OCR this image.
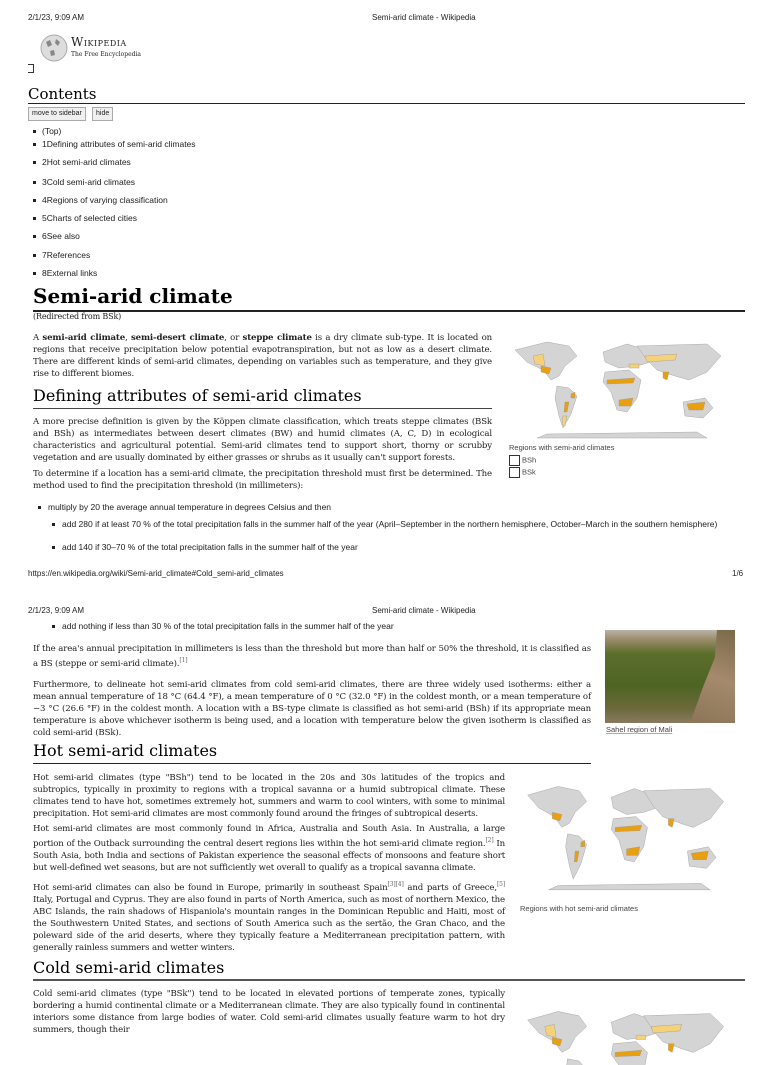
2/1/23, 9:09 AM	Semi-arid climate - Wikipedia
Wikipedia
The Free Encyclopedia
Contents
move to sidebar	hide
(Top)
1Defining attributes of semi-arid climates
2Hot semi-arid climates
3Cold semi-arid climates
4Regions of varying classification
5Charts of selected cities
6See also
7References
8External links
Semi-arid climate
(Redirected from BSk)
A semi-arid climate, semi-desert climate, or steppe climate is a dry climate sub-type. It is located on regions that receive precipitation below potential evapotranspiration, but not as low as a desert climate. There are different kinds of semi-arid climates, depending on variables such as temperature, and they give rise to different biomes.
Defining attributes of semi-arid climates
A more precise definition is given by the Köppen climate classification, which treats steppe climates (BSk and BSh) as intermediates between desert climates (BW) and humid climates (A, C, D) in ecological characteristics and agricultural potential. Semi-arid climates tend to support short, thorny or scrubby vegetation and are usually dominated by either grasses or shrubs as it usually can't support forests.
To determine if a location has a semi-arid climate, the precipitation threshold must first be determined. The method used to find the precipitation threshold (in millimeters):
multiply by 20 the average annual temperature in degrees Celsius and then
add 280 if at least 70 % of the total precipitation falls in the summer half of the year (April–September in the northern hemisphere, October–March in the southern hemisphere)
add 140 if 30–70 % of the total precipitation falls in the summer half of the year
Regions with semi-arid climates
BSh
BSk
https://en.wikipedia.org/wiki/Semi-arid_climate#Cold_semi-arid_climates	1/6
2/1/23, 9:09 AM	Semi-arid climate - Wikipedia
add nothing if less than 30 % of the total precipitation falls in the summer half of the year
If the area's annual precipitation in millimeters is less than the threshold but more than half or 50% the threshold, it is classified as a BS (steppe or semi-arid climate).[1]
Furthermore, to delineate hot semi-arid climates from cold semi-arid climates, there are three widely used isotherms: either a mean annual temperature of 18 °C (64.4 °F), a mean temperature of 0 °C (32.0 °F) in the coldest month, or a mean temperature of −3 °C (26.6 °F) in the coldest month. A location with a BS-type climate is classified as hot semi-arid (BSh) if its appropriate mean temperature is above whichever isotherm is being used, and a location with temperature below the given isotherm is classified as cold semi-arid (BSk).	Sahel region of Mali
Hot semi-arid climates
Hot semi-arid climates (type "BSh") tend to be located in the 20s and 30s latitudes of the tropics and subtropics, typically in proximity to regions with a tropical savanna or a humid subtropical climate. These climates tend to have hot, sometimes extremely hot, summers and warm to cool winters, with some to minimal precipitation. Hot semi-arid climates are most commonly found around the fringes of subtropical deserts.
Hot semi-arid climates are most commonly found in Africa, Australia and South Asia. In Australia, a large portion of the Outback surrounding the central desert regions lies within the hot semi-arid climate region.[2] In South Asia, both India and sections of Pakistan experience the seasonal effects of monsoons and feature short but well-defined wet seasons, but are not sufficiently wet overall to qualify as a tropical savanna climate.
Hot semi-arid climates can also be found in Europe, primarily in southeast Spain[3][4] and parts of Greece,[5] Italy, Portugal and Cyprus. They are also found in parts of North America, such as most of northern Mexico, the ABC Islands, the rain shadows of Hispaniola's mountain ranges in the Dominican Republic and Haiti, most of the Southwestern United States, and sections of South America such as the sertão, the Gran Chaco, and the poleward side of the arid deserts, where they typically feature a Mediterranean precipitation pattern, with generally rainless summers and wetter winters.
Regions with hot semi-arid climates
Cold semi-arid climates
Cold semi-arid climates (type "BSk") tend to be located in elevated portions of temperate zones, typically bordering a humid continental climate or a Mediterranean climate. They are also typically found in continental interiors some distance from large bodies of water. Cold semi-arid climates usually feature warm to hot dry summers, though their
